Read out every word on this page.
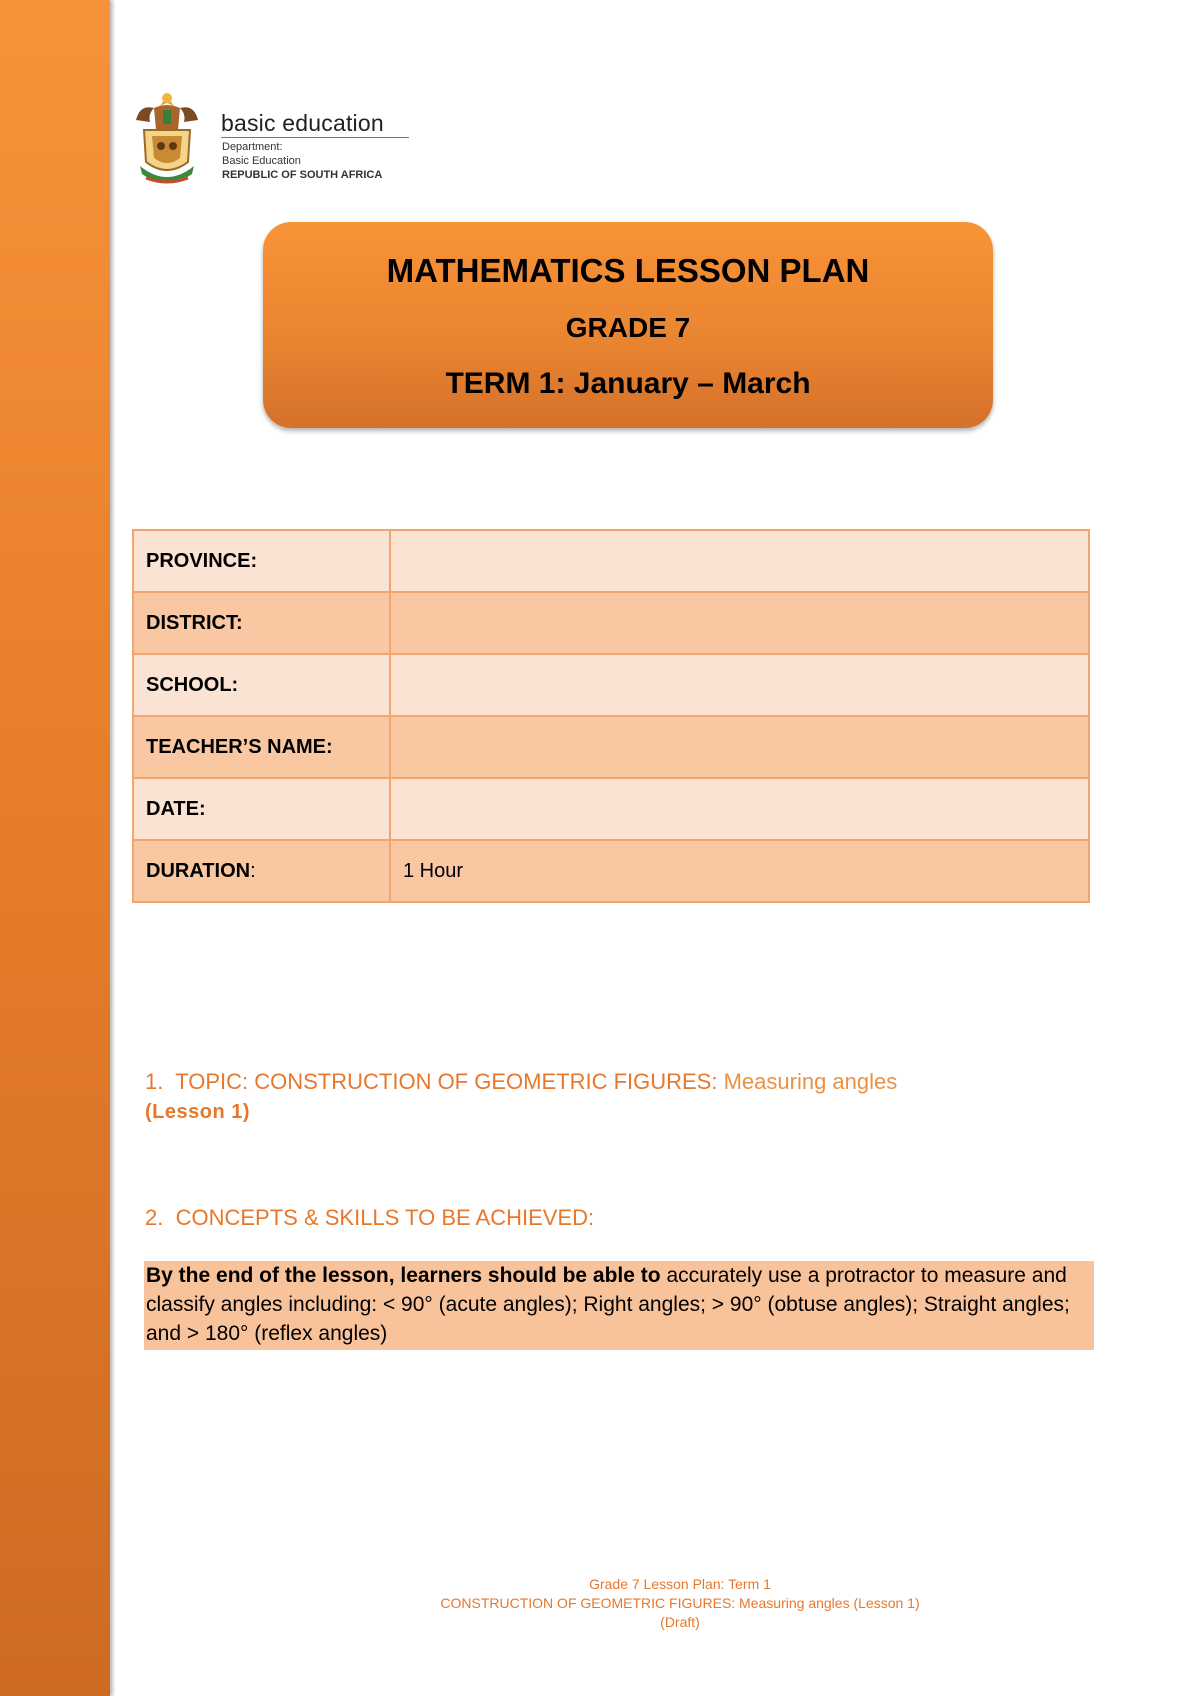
basic education
Department:
Basic Education
REPUBLIC OF SOUTH AFRICA
MATHEMATICS LESSON PLAN
GRADE 7
TERM 1: January – March
PROVINCE:	
DISTRICT:	
SCHOOL:	
TEACHER’S NAME:	
DATE:	
DURATION:	1 Hour
1. TOPIC: CONSTRUCTION OF GEOMETRIC FIGURES: Measuring angles
(Lesson 1)
2. CONCEPTS & SKILLS TO BE ACHIEVED:
By the end of the lesson, learners should be able to accurately use a protractor to measure and classify angles including: < 90° (acute angles); Right angles; > 90° (obtuse angles); Straight angles; and > 180° (reflex angles)
Grade 7 Lesson Plan: Term 1
CONSTRUCTION OF GEOMETRIC FIGURES: Measuring angles (Lesson 1)
(Draft)
